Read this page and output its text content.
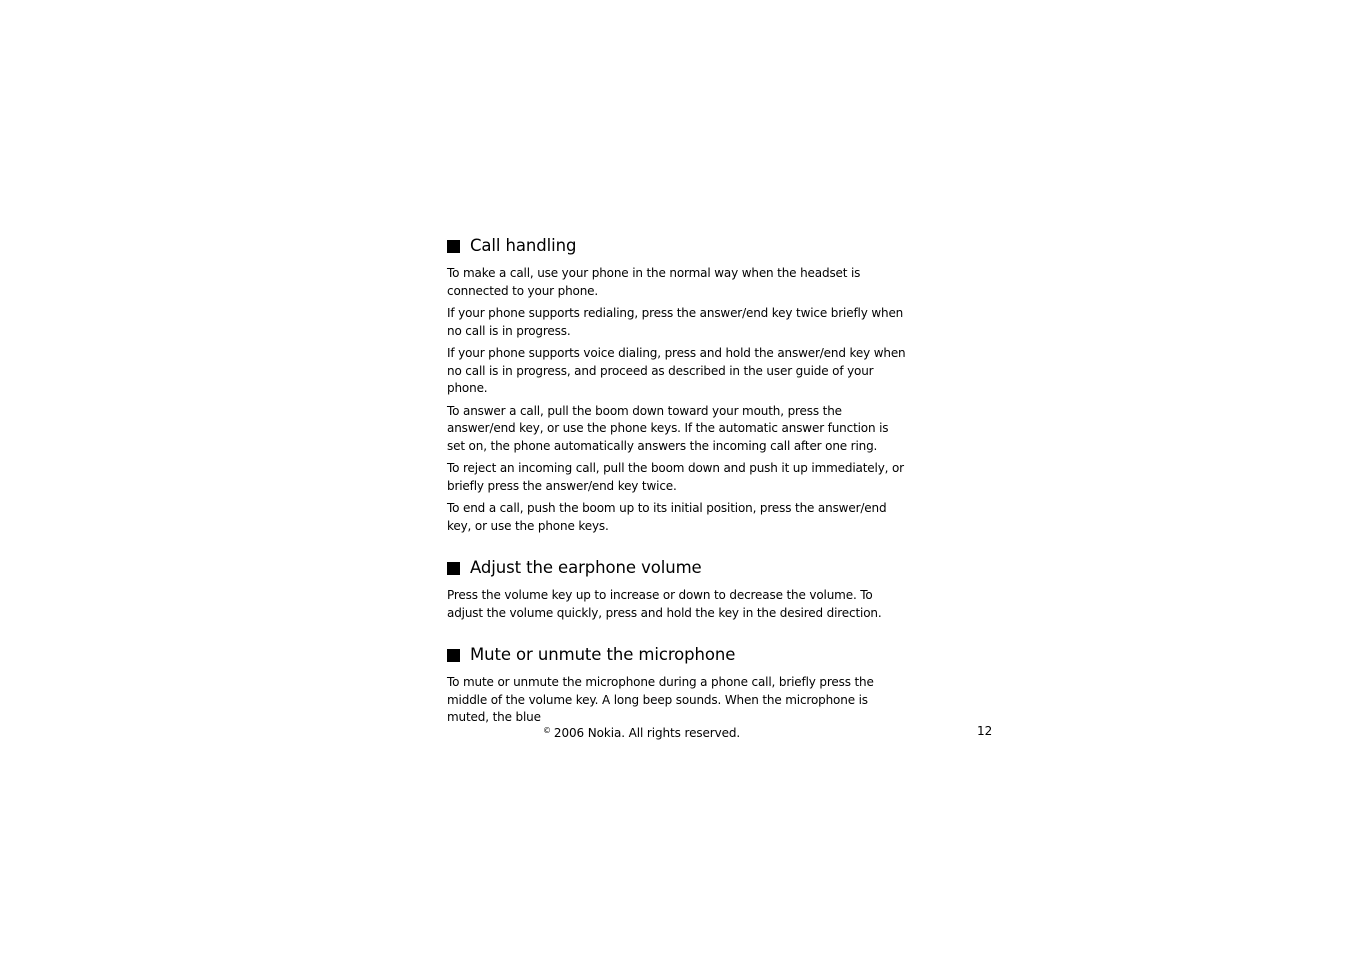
Call handling

To make a call, use your phone in the normal way when the headset is connected to your phone.

If your phone supports redialing, press the answer/end key twice briefly when no call is in progress.

If your phone supports voice dialing, press and hold the answer/end key when no call is in progress, and proceed as described in the user guide of your phone.

To answer a call, pull the boom down toward your mouth, press the answer/end key, or use the phone keys. If the automatic answer function is set on, the phone automatically answers the incoming call after one ring.

To reject an incoming call, pull the boom down and push it up immediately, or briefly press the answer/end key twice.

To end a call, push the boom up to its initial position, press the answer/end key, or use the phone keys.

Adjust the earphone volume

Press the volume key up to increase or down to decrease the volume. To adjust the volume quickly, press and hold the key in the desired direction.

Mute or unmute the microphone

To mute or unmute the microphone during a phone call, briefly press the middle of the volume key. A long beep sounds. When the microphone is muted, the blue

© 2006 Nokia. All rights reserved.	12
